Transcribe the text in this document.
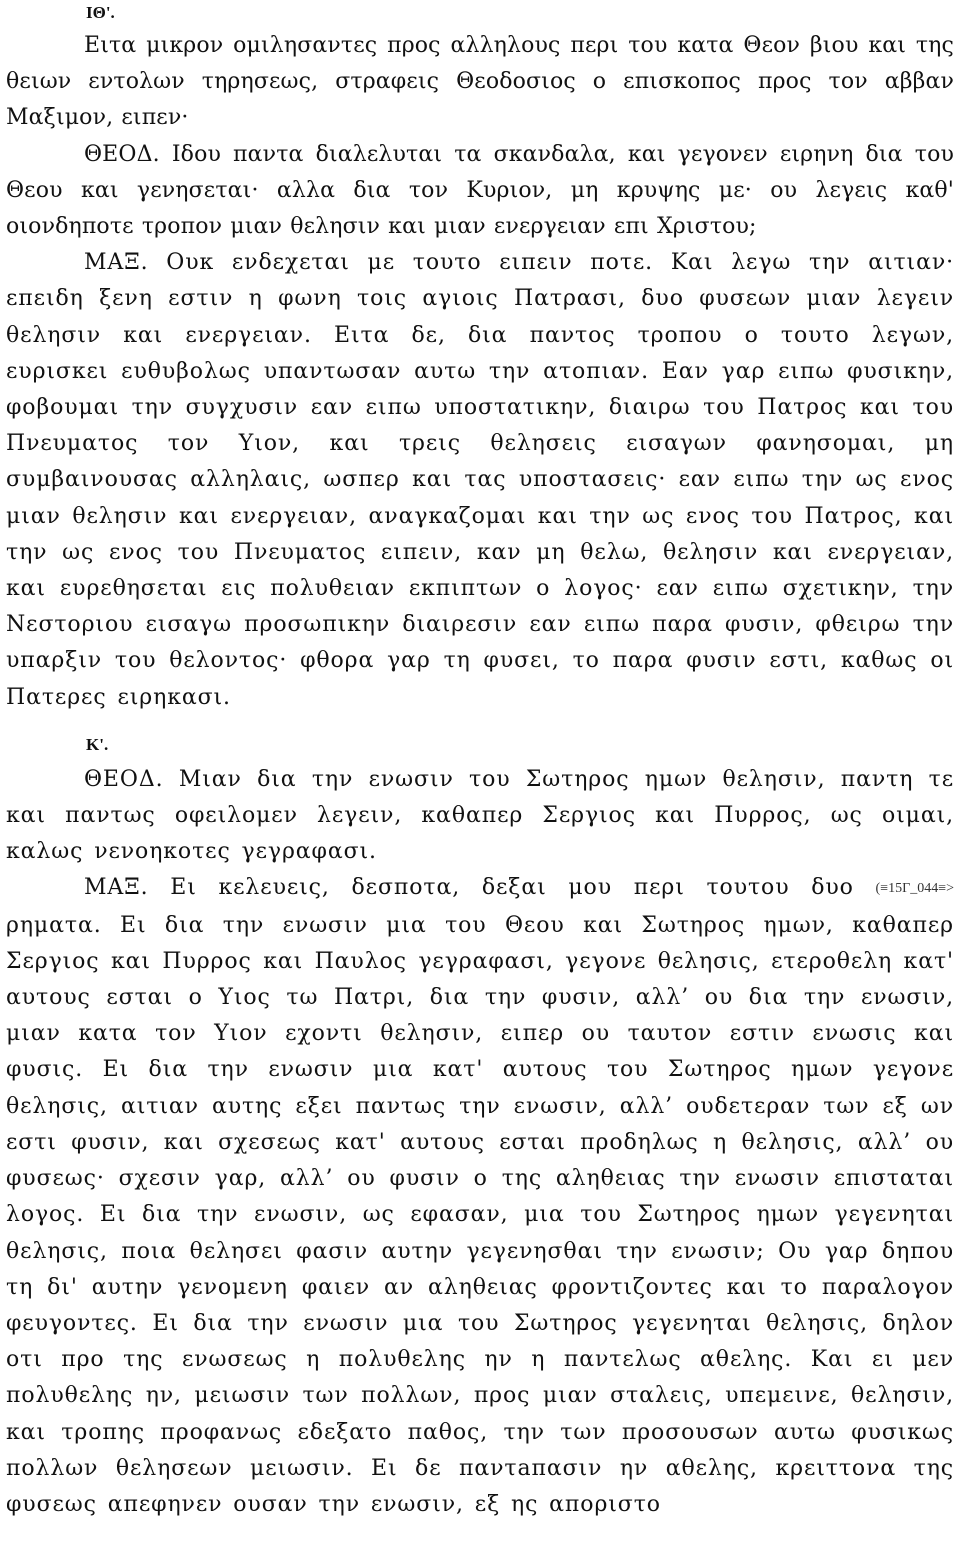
ΙΘ'.

Ειτα μικρον ομιλησαντες προς αλληλους περι του κατα Θεον βιου και της θειων εντολων τηρησεως, στραφεις Θεοδοσιος ο επισκοπος προς τον αββαν Μαξιμον, ειπεν·

ΘΕΟΔ. Ιδου παντα διαλελυται τα σκανδαλα, και γεγονεν ειρηνη δια του Θεου και γενησεται· αλλα δια τον Κυριον, μη κρυψης με· ου λεγεις καθ' οιονδηποτε τροπον μιαν θελησιν και μιαν ενεργειαν επι Χριστου;

ΜΑΞ. Ουκ ενδεχεται με τουτο ειπειν ποτε. Και λεγω την αιτιαν· επειδη ξενη εστιν η φωνη τοις αγιοις Πατρασι, δυο φυσεων μιαν λεγειν θελησιν και ενεργειαν. Ειτα δε, δια παντος τροπου ο τουτο λεγων, ευρισκει ευθυβολως υπαντωσαν αυτω την ατοπιαν. Εαν γαρ ειπω φυσικην, φοβουμαι την συγχυσιν εαν ειπω υποστατικην, διαιρω του Πατρος και του Πνευματος τον Υιον, και τρεις θελησεις εισαγων φανησομαι, μη συμβαινουσας αλληλαις, ωσπερ και τας υποστασεις· εαν ειπω την ως ενος μιαν θελησιν και ενεργειαν, αναγκαζομαι και την ως ενος του Πατρος, και την ως ενος του Πνευματος ειπειν, καν μη θελω, θελησιν και ενεργειαν, και ευρεθησεται εις πολυθειαν εκπιπτων ο λογος· εαν ειπω σχετικην, την Νεστοριου εισαγω προσωπικην διαιρεσιν εαν ειπω παρα φυσιν, φθειρω την υπαρξιν του θελοντος· φθορα γαρ τη φυσει, το παρα φυσιν εστι, καθως οι Πατερες ειρηκασι.

Κ'.

ΘΕΟΔ. Μιαν δια την ενωσιν του Σωτηρος ημων θελησιν, παντη τε και παντως οφειλομεν λεγειν, καθαπερ Σεργιος και Πυρρος, ως οιμαι, καλως νενοηκοτες γεγραφασι.

ΜΑΞ. Ει κελευεις, δεσποτα, δεξαι μου περι τουτου δυο (≡15Γ_044≡> ρηματα. Ει δια την ενωσιν μια του Θεου και Σωτηρος ημων, καθαπερ Σεργιος και Πυρρος και Παυλος γεγραφασι, γεγονε θελησις, ετεροθελη κατ' αυτους εσται ο Υιος τω Πατρι, δια την φυσιν, αλλ’ ου δια την ενωσιν, μιαν κατα τον Υιον εχοντι θελησιν, ειπερ ου ταυτον εστιν ενωσις και φυσις. Ει δια την ενωσιν μια κατ' αυτους του Σωτηρος ημων γεγονε θελησις, αιτιαν αυτης εξει παντως την ενωσιν, αλλ’ ουδετεραν των εξ ων εστι φυσιν, και σχεσεως κατ' αυτους εσται προδηλως η θελησις, αλλ’ ου φυσεως· σχεσιν γαρ, αλλ’ ου φυσιν ο της αληθειας την ενωσιν επισταται λογος. Ει δια την ενωσιν, ως εφασαν, μια του Σωτηρος ημων γεγενηται θελησις, ποια θελησει φασιν αυτην γεγενησθαι την ενωσιν; Ου γαρ δηπου τη δι' αυτην γενομενη φαιεν αν αληθειας φροντιζοντες και το παραλογον φευγοντες. Ει δια την ενωσιν μια του Σωτηρος γεγενηται θελησις, δηλον οτι προ της ενωσεως η πολυθελης ην η παντελως αθελης. Και ει μεν πολυθελης ην, μειωσιν των πολλων, προς μιαν σταλεις, υπεμεινε, θελησιν, και τροπης προφανως εδεξατο παθος, την των προσουσων αυτω φυσικως πολλων θελησεων μειωσιν. Ει δε παντaπασιν ην αθελης, κρειττονα της φυσεως απεφηνεν ουσαν την ενωσιν, εξ ης αποριστο
